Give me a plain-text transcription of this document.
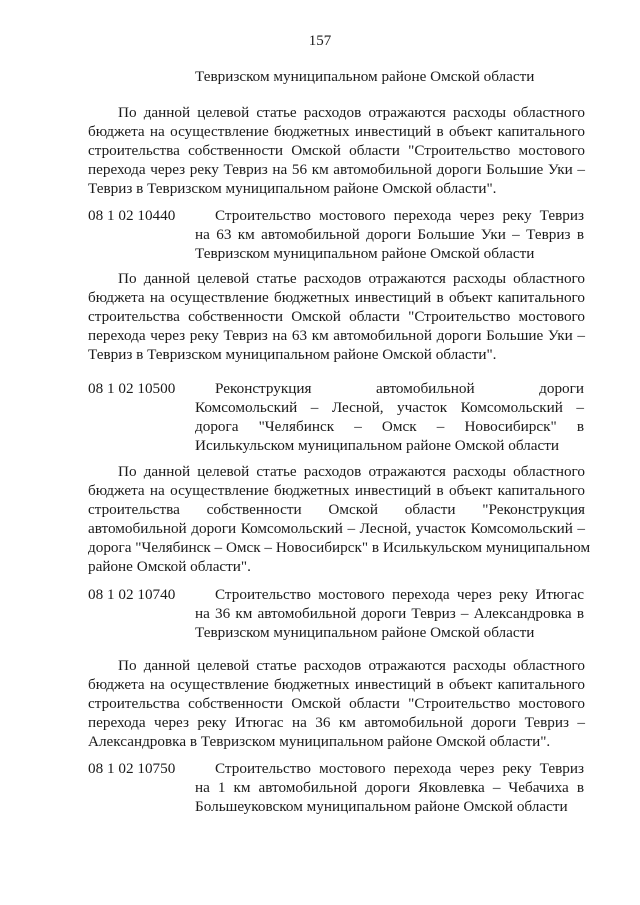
157
Тевризском муниципальном районе Омской области
По данной целевой статье расходов отражаются расходы областного
бюджета на осуществление бюджетных инвестиций в объект капитального
строительства собственности Омской области "Строительство мостового
перехода через реку Тевриз на 56 км автомобильной дороги Большие Уки –
Тевриз в Тевризском муниципальном районе Омской области".
08 1 02 10440	Строительство мостового перехода через реку Тевриз
на 63 км автомобильной дороги Большие Уки – Тевриз в
Тевризском муниципальном районе Омской области
По данной целевой статье расходов отражаются расходы областного
бюджета на осуществление бюджетных инвестиций в объект капитального
строительства собственности Омской области "Строительство мостового
перехода через реку Тевриз на 63 км автомобильной дороги Большие Уки –
Тевриз в Тевризском муниципальном районе Омской области".
08 1 02 10500	Реконструкция автомобильной дороги
Комсомольский – Лесной, участок Комсомольский –
дорога "Челябинск – Омск – Новосибирск" в
Исилькульском муниципальном районе Омской области
По данной целевой статье расходов отражаются расходы областного
бюджета на осуществление бюджетных инвестиций в объект капитального
строительства собственности Омской области "Реконструкция
автомобильной дороги Комсомольский – Лесной, участок Комсомольский –
дорога "Челябинск – Омск – Новосибирск" в Исилькульском муниципальном
районе Омской области".
08 1 02 10740	Строительство мостового перехода через реку Итюгас
на 36 км автомобильной дороги Тевриз – Александровка в
Тевризском муниципальном районе Омской области
По данной целевой статье расходов отражаются расходы областного
бюджета на осуществление бюджетных инвестиций в объект капитального
строительства собственности Омской области "Строительство мостового
перехода через реку Итюгас на 36 км автомобильной дороги Тевриз –
Александровка в Тевризском муниципальном районе Омской области".
08 1 02 10750	Строительство мостового перехода через реку Тевриз
на 1 км автомобильной дороги Яковлевка – Чебачиха в
Большеуковском муниципальном районе Омской области
